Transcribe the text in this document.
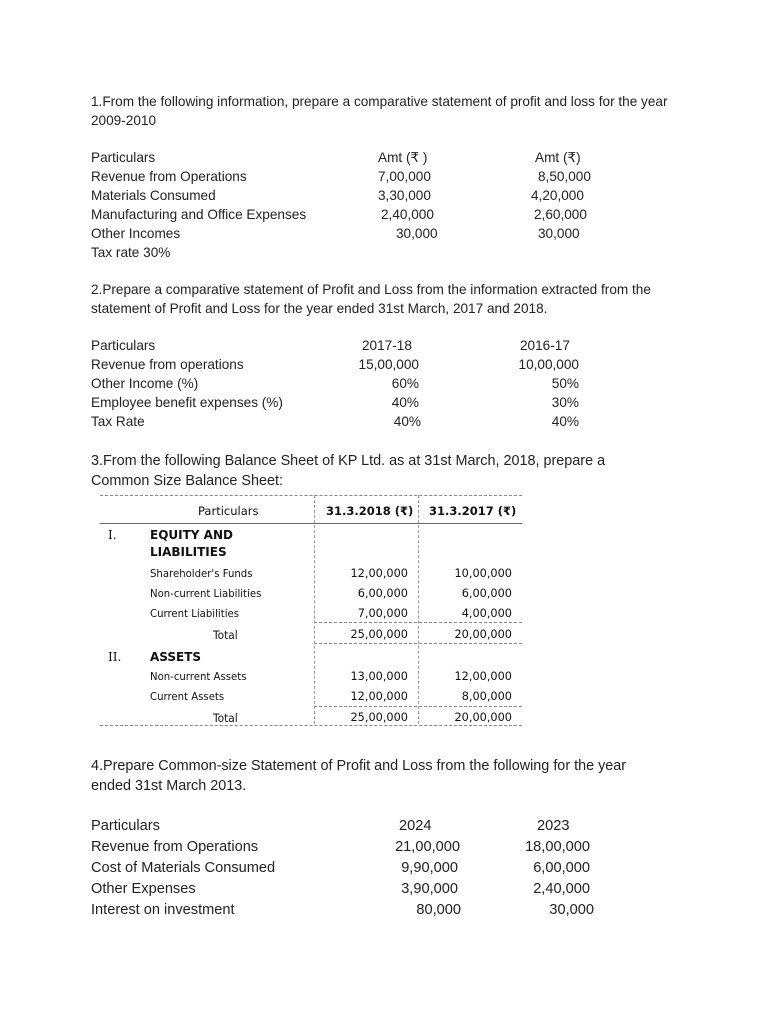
1.From the following information, prepare a comparative statement of profit and loss for the year
2009-2010
Particulars	Amt (₹ )	Amt (₹)
Revenue from Operations	7,00,000	8,50,000
Materials Consumed	3,30,000	4,20,000
Manufacturing and Office Expenses	2,40,000	2,60,000
Other Incomes	30,000	30,000
Tax rate 30%
2.Prepare a comparative statement of Profit and Loss from the information extracted from the
statement of Profit and Loss for the year ended 31st March, 2017 and 2018.
Particulars	2017-18	2016-17
Revenue from operations	15,00,000	10,00,000
Other Income (%)	60%	50%
Employee benefit expenses (%)	40%	30%
Tax Rate	40%	40%
3.From the following Balance Sheet of KP Ltd. as at 31st March, 2018, prepare a
Common Size Balance Sheet:
Particulars	31.3.2018 (₹) 31.3.2017 (₹)
I.	EQUITY AND
LIABILITIES
Shareholder's Funds	12,00,000	10,00,000
Non-current Liabilities	6,00,000	6,00,000
Current Liabilities	7,00,000	4,00,000
Total	25,00,000	20,00,000
II. ASSETS
Non-current Assets	13,00,000	12,00,000
Current Assets	12,00,000	8,00,000
Total	25,00,000	20,00,000
4.Prepare Common-size Statement of Profit and Loss from the following for the year
ended 31st March 2013.
Particulars	2024	2023
Revenue from Operations	21,00,000	18,00,000
Cost of Materials Consumed	9,90,000	6,00,000
Other Expenses	3,90,000	2,40,000
Interest on investment	80,000	30,000
